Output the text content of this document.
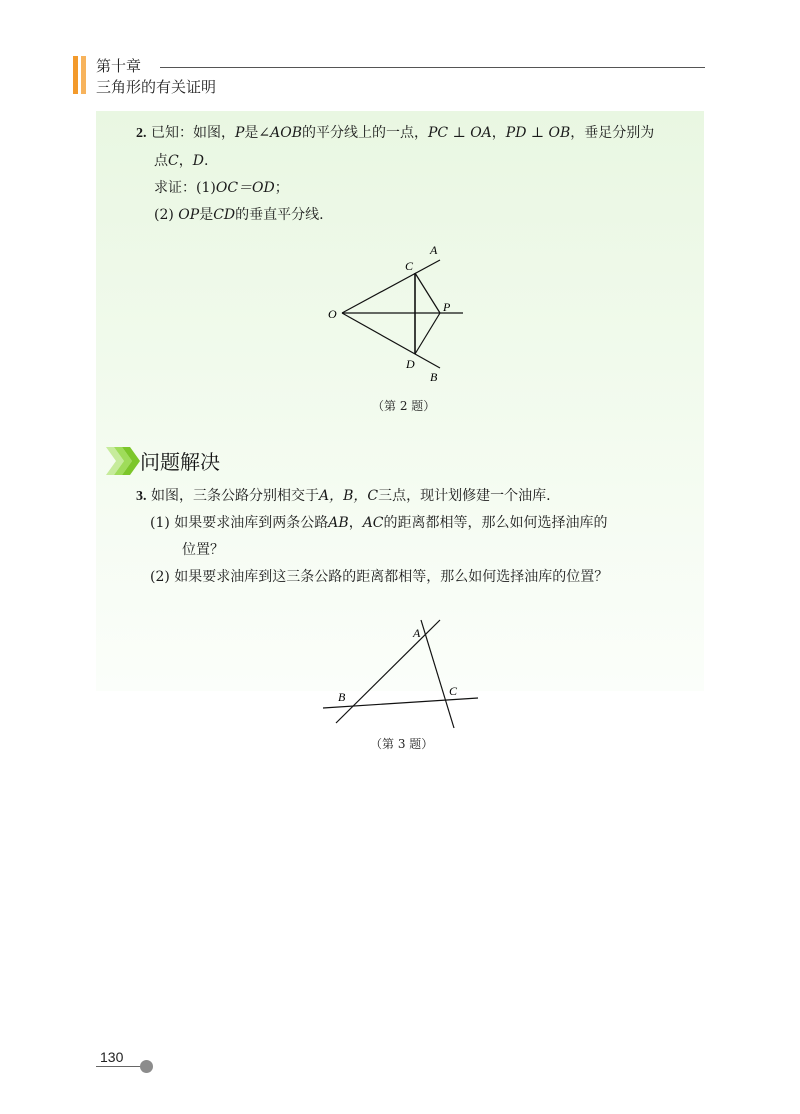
第十章
三角形的有关证明
2. 已知：如图，P是∠AOB的平分线上的一点，PC ⊥ OA，PD ⊥ OB，垂足分别为
点C，D.
求证：(1)OC＝OD；
(2) OP是CD的垂直平分线.
A
B
C
D
O	P
（第 2 题）
问题解决
3. 如图，三条公路分别相交于A，B，C三点，现计划修建一个油库.
(1) 如果要求油库到两条公路AB，AC的距离都相等，那么如何选择油库的
位置？
(2) 如果要求油库到这三条公路的距离都相等，那么如何选择油库的位置？
A
B	C
（第 3 题）
130
